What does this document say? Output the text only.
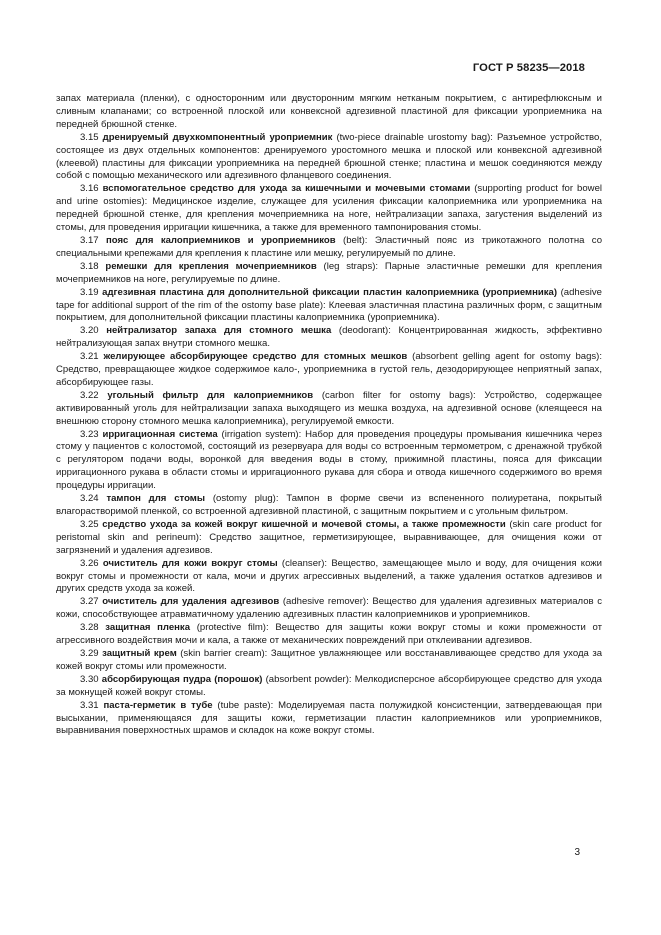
ГОСТ Р 58235—2018

запах материала (пленки), с односторонним или двусторонним мягким нетканым покрытием, с антирефлюксным и сливным клапанами; со встроенной плоской или конвексной адгезивной пластиной для фиксации уроприемника на передней брюшной стенке.

3.15 дренируемый двухкомпонентный уроприемник (two-piece drainable urostomy bag): Разъемное устройство, состоящее из двух отдельных компонентов: дренируемого уростомного мешка и плоской или конвексной адгезивной (клеевой) пластины для фиксации уроприемника на передней брюшной стенке; пластина и мешок соединяются между собой с помощью механического или адгезивного фланцевого соединения.

3.16 вспомогательное средство для ухода за кишечными и мочевыми стомами (supporting product for bowel and urine ostomies): Медицинское изделие, служащее для усиления фиксации калоприемника или уроприемника на передней брюшной стенке, для крепления мочеприемника на ноге, нейтрализации запаха, загустения выделений из стомы, для проведения ирригации кишечника, а также для временного тампонирования стомы.

3.17 пояс для калоприемников и уроприемников (belt): Эластичный пояс из трикотажного полотна со специальными крепежами для крепления к пластине или мешку, регулируемый по длине.

3.18 ремешки для крепления мочеприемников (leg straps): Парные эластичные ремешки для крепления мочеприемников на ноге, регулируемые по длине.

3.19 адгезивная пластина для дополнительной фиксации пластин калоприемника (уроприемника) (adhesive tape for additional support of the rim of the ostomy base plate): Клеевая эластичная пластина различных форм, с защитным покрытием, для дополнительной фиксации пластины калоприемника (уроприемника).

3.20 нейтрализатор запаха для стомного мешка (deodorant): Концентрированная жидкость, эффективно нейтрализующая запах внутри стомного мешка.

3.21 желирующее абсорбирующее средство для стомных мешков (absorbent gelling agent for ostomy bags): Средство, превращающее жидкое содержимое кало-, уроприемника в густой гель, дезодорирующее неприятный запах, абсорбирующее газы.

3.22 угольный фильтр для калоприемников (carbon filter for ostomy bags): Устройство, содержащее активированный уголь для нейтрализации запаха выходящего из мешка воздуха, на адгезивной основе (клеящееся на внешнюю сторону стомного мешка калоприемника), регулируемой емкости.

3.23 ирригационная система (irrigation system): Набор для проведения процедуры промывания кишечника через стому у пациентов с колостомой, состоящий из резервуара для воды со встроенным термометром, с дренажной трубкой с регулятором подачи воды, воронкой для введения воды в стому, прижимной пластины, пояса для фиксации ирригационного рукава в области стомы и ирригационного рукава для сбора и отвода кишечного содержимого во время процедуры ирригации.

3.24 тампон для стомы (ostomy plug): Тампон в форме свечи из вспененного полиуретана, покрытый влагорастворимой пленкой, со встроенной адгезивной пластиной, с защитным покрытием и с угольным фильтром.

3.25 средство ухода за кожей вокруг кишечной и мочевой стомы, а также промежности (skin care product for peristomal skin and perineum): Средство защитное, герметизирующее, выравнивающее, для очищения кожи от загрязнений и удаления адгезивов.

3.26 очиститель для кожи вокруг стомы (cleanser): Вещество, замещающее мыло и воду, для очищения кожи вокруг стомы и промежности от кала, мочи и других агрессивных выделений, а также удаления остатков адгезивов и других средств ухода за кожей.

3.27 очиститель для удаления адгезивов (adhesive remover): Вещество для удаления адгезивных материалов с кожи, способствующее атравматичному удалению адгезивных пластин калоприемников и уроприемников.

3.28 защитная пленка (protective film): Вещество для защиты кожи вокруг стомы и кожи промежности от агрессивного воздействия мочи и кала, а также от механических повреждений при отклеивании адгезивов.

3.29 защитный крем (skin barrier cream): Защитное увлажняющее или восстанавливающее средство для ухода за кожей вокруг стомы или промежности.

3.30 абсорбирующая пудра (порошок) (absorbent powder): Мелкодисперсное абсорбирующее средство для ухода за мокнущей кожей вокруг стомы.

3.31 паста-герметик в тубе (tube paste): Моделируемая паста полужидкой консистенции, затвердевающая при высыхании, применяющаяся для защиты кожи, герметизации пластин калоприемников или уроприемников, выравнивания поверхностных шрамов и складок на коже вокруг стомы.

3
